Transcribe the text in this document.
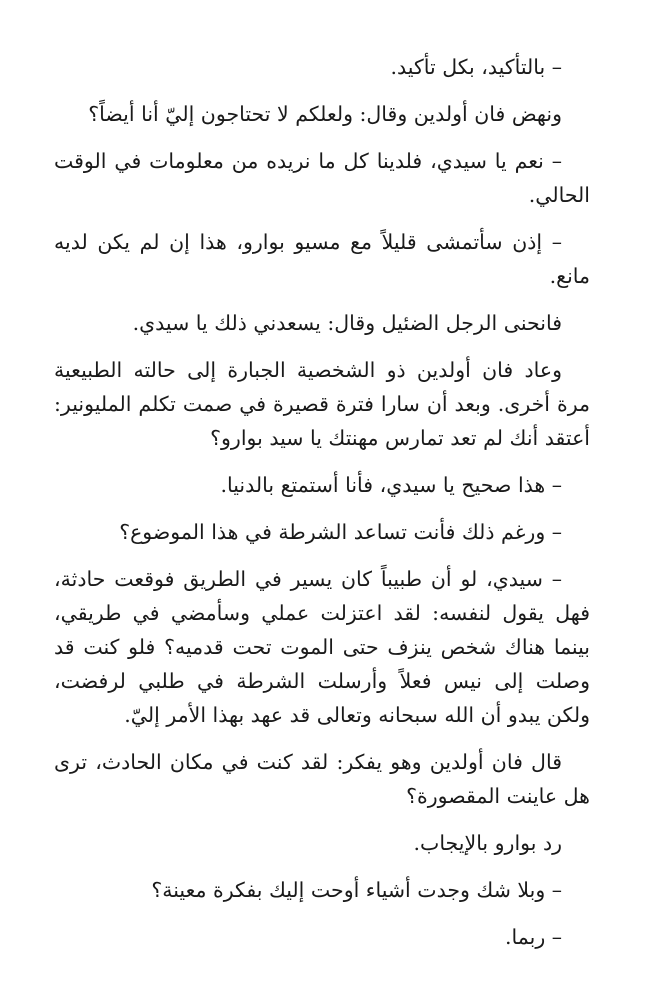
– بالتأكيد، بكل تأكيد.

ونهض فان أولدين وقال: ولعلكم لا تحتاجون إليّ أنا أيضاً؟

– نعم يا سيدي، فلدينا كل ما نريده من معلومات في الوقت الحالي.

– إذن سأتمشى قليلاً مع مسيو بوارو، هذا إن لم يكن لديه مانع.

فانحنى الرجل الضئيل وقال: يسعدني ذلك يا سيدي.

وعاد فان أولدين ذو الشخصية الجبارة إلى حالته الطبيعية مرة أخرى. وبعد أن سارا فترة قصيرة في صمت تكلم المليونير: أعتقد أنك لم تعد تمارس مهنتك يا سيد بوارو؟

– هذا صحيح يا سيدي، فأنا أستمتع بالدنيا.

– ورغم ذلك فأنت تساعد الشرطة في هذا الموضوع؟

– سيدي، لو أن طبيباً كان يسير في الطريق فوقعت حادثة، فهل يقول لنفسه: لقد اعتزلت عملي وسأمضي في طريقي، بينما هناك شخص ينزف حتى الموت تحت قدميه؟ فلو كنت قد وصلت إلى نيس فعلاً وأرسلت الشرطة في طلبي لرفضت، ولكن يبدو أن الله سبحانه وتعالى قد عهد بهذا الأمر إليّ.

قال فان أولدين وهو يفكر: لقد كنت في مكان الحادث، ترى هل عاينت المقصورة؟

رد بوارو بالإيجاب.

– وبلا شك وجدت أشياء أوحت إليك بفكرة معينة؟

– ربما.
